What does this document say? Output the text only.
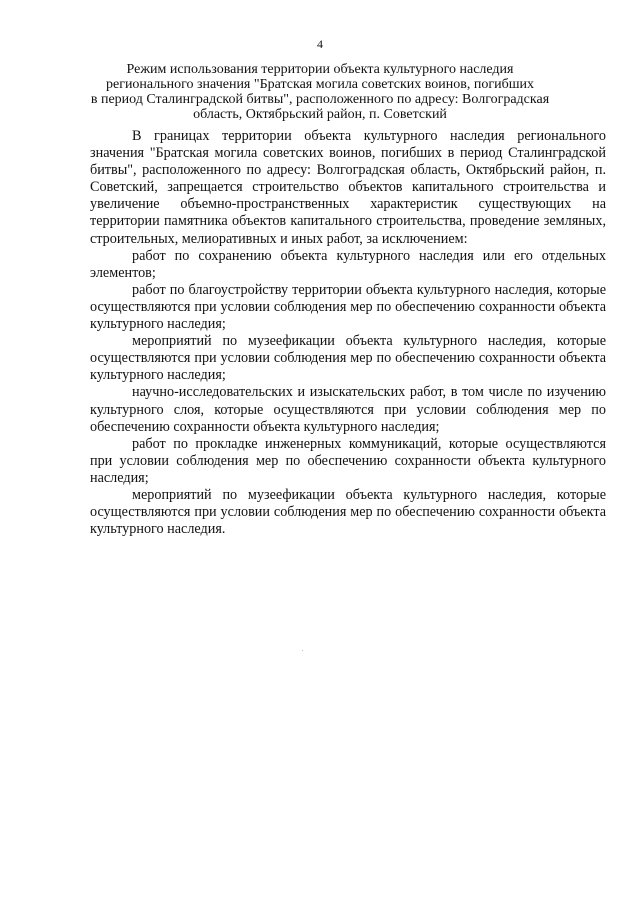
4
Режим использования территории объекта культурного наследия
регионального значения "Братская могила советских воинов, погибших
в период Сталинградской битвы", расположенного по адресу: Волгоградская
область, Октябрьский район, п. Советский

В границах территории объекта культурного наследия регионального значения "Братская могила советских воинов, погибших в период Сталинградской битвы", расположенного по адресу: Волгоградская область, Октябрьский район, п. Советский, запрещается строительство объектов капитального строительства и увеличение объемно-пространственных характеристик существующих на территории памятника объектов капитального строительства, проведение земляных, строительных, мелиоративных и иных работ, за исключением:

работ по сохранению объекта культурного наследия или его отдельных элементов;

работ по благоустройству территории объекта культурного наследия, которые осуществляются при условии соблюдения мер по обеспечению сохранности объекта культурного наследия;

мероприятий по музеефикации объекта культурного наследия, которые осуществляются при условии соблюдения мер по обеспечению сохранности объекта культурного наследия;

научно-исследовательских и изыскательских работ, в том числе по изучению культурного слоя, которые осуществляются при условии соблюдения мер по обеспечению сохранности объекта культурного наследия;

работ по прокладке инженерных коммуникаций, которые осуществляются при условии соблюдения мер по обеспечению сохранности объекта культурного наследия;

мероприятий по музеефикации объекта культурного наследия, которые осуществляются при условии соблюдения мер по обеспечению сохранности объекта культурного наследия.
